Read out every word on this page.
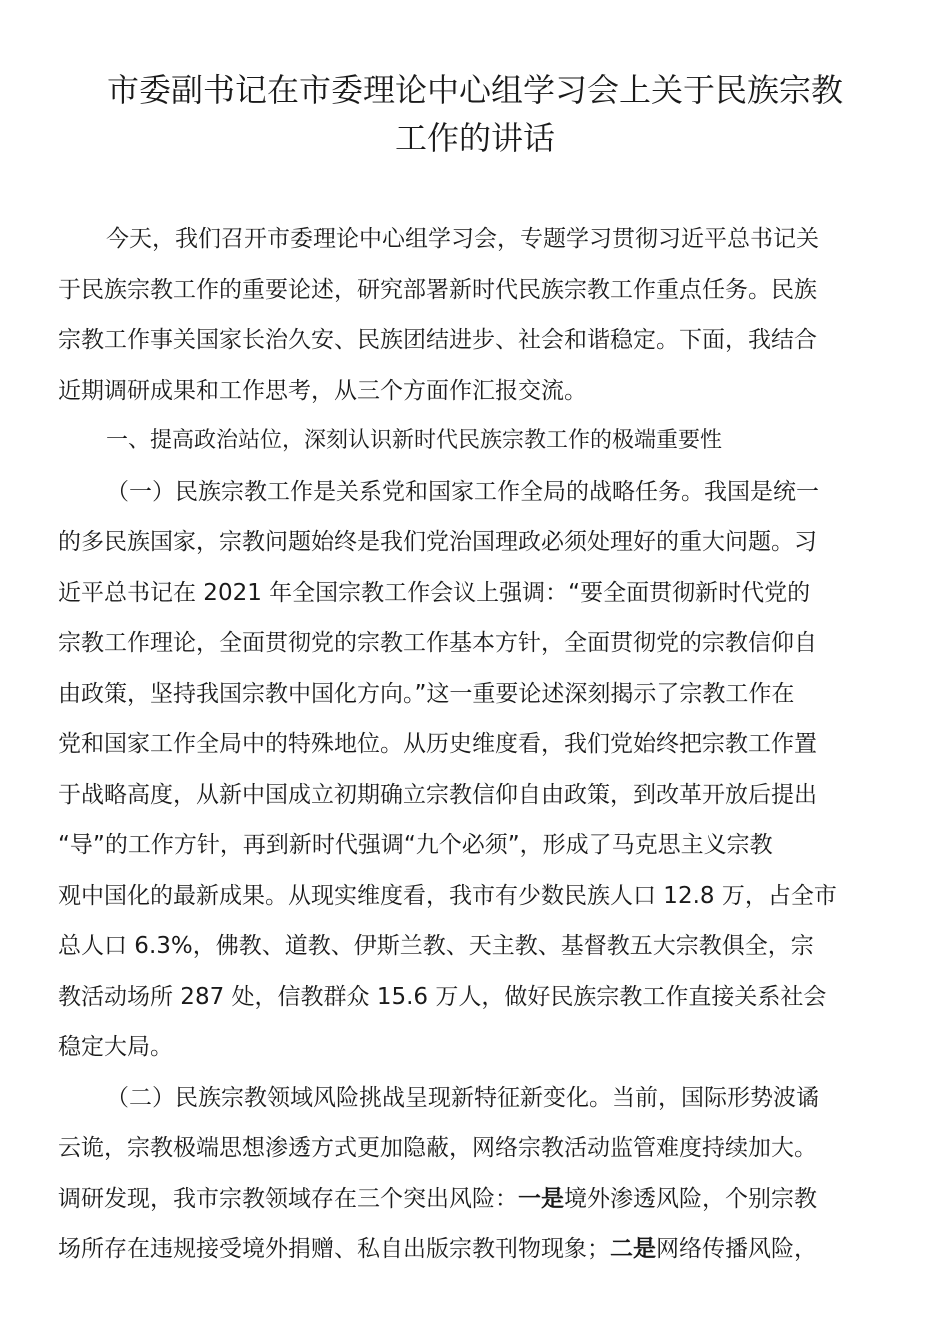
市委副书记在市委理论中心组学习会上关于民族宗教
工作的讲话
今天，我们召开市委理论中心组学习会，专题学习贯彻习近平总书记关
于民族宗教工作的重要论述，研究部署新时代民族宗教工作重点任务。民族
宗教工作事关国家长治久安、民族团结进步、社会和谐稳定。下面，我结合
近期调研成果和工作思考，从三个方面作汇报交流。
一、提高政治站位，深刻认识新时代民族宗教工作的极端重要性
（一）民族宗教工作是关系党和国家工作全局的战略任务。我国是统一
的多民族国家，宗教问题始终是我们党治国理政必须处理好的重大问题。习
近平总书记在 2021 年全国宗教工作会议上强调：“要全面贯彻新时代党的
宗教工作理论，全面贯彻党的宗教工作基本方针，全面贯彻党的宗教信仰自
由政策，坚持我国宗教中国化方向。”这一重要论述深刻揭示了宗教工作在
党和国家工作全局中的特殊地位。从历史维度看，我们党始终把宗教工作置
于战略高度，从新中国成立初期确立宗教信仰自由政策，到改革开放后提出
“导”的工作方针，再到新时代强调“九个必须”，形成了马克思主义宗教
观中国化的最新成果。从现实维度看，我市有少数民族人口 12.8 万，占全市
总人口 6.3%，佛教、道教、伊斯兰教、天主教、基督教五大宗教俱全，宗
教活动场所 287 处，信教群众 15.6 万人，做好民族宗教工作直接关系社会
稳定大局。
（二）民族宗教领域风险挑战呈现新特征新变化。当前，国际形势波谲
云诡，宗教极端思想渗透方式更加隐蔽，网络宗教活动监管难度持续加大。
调研发现，我市宗教领域存在三个突出风险：一是境外渗透风险，个别宗教
场所存在违规接受境外捐赠、私自出版宗教刊物现象；二是网络传播风险，
